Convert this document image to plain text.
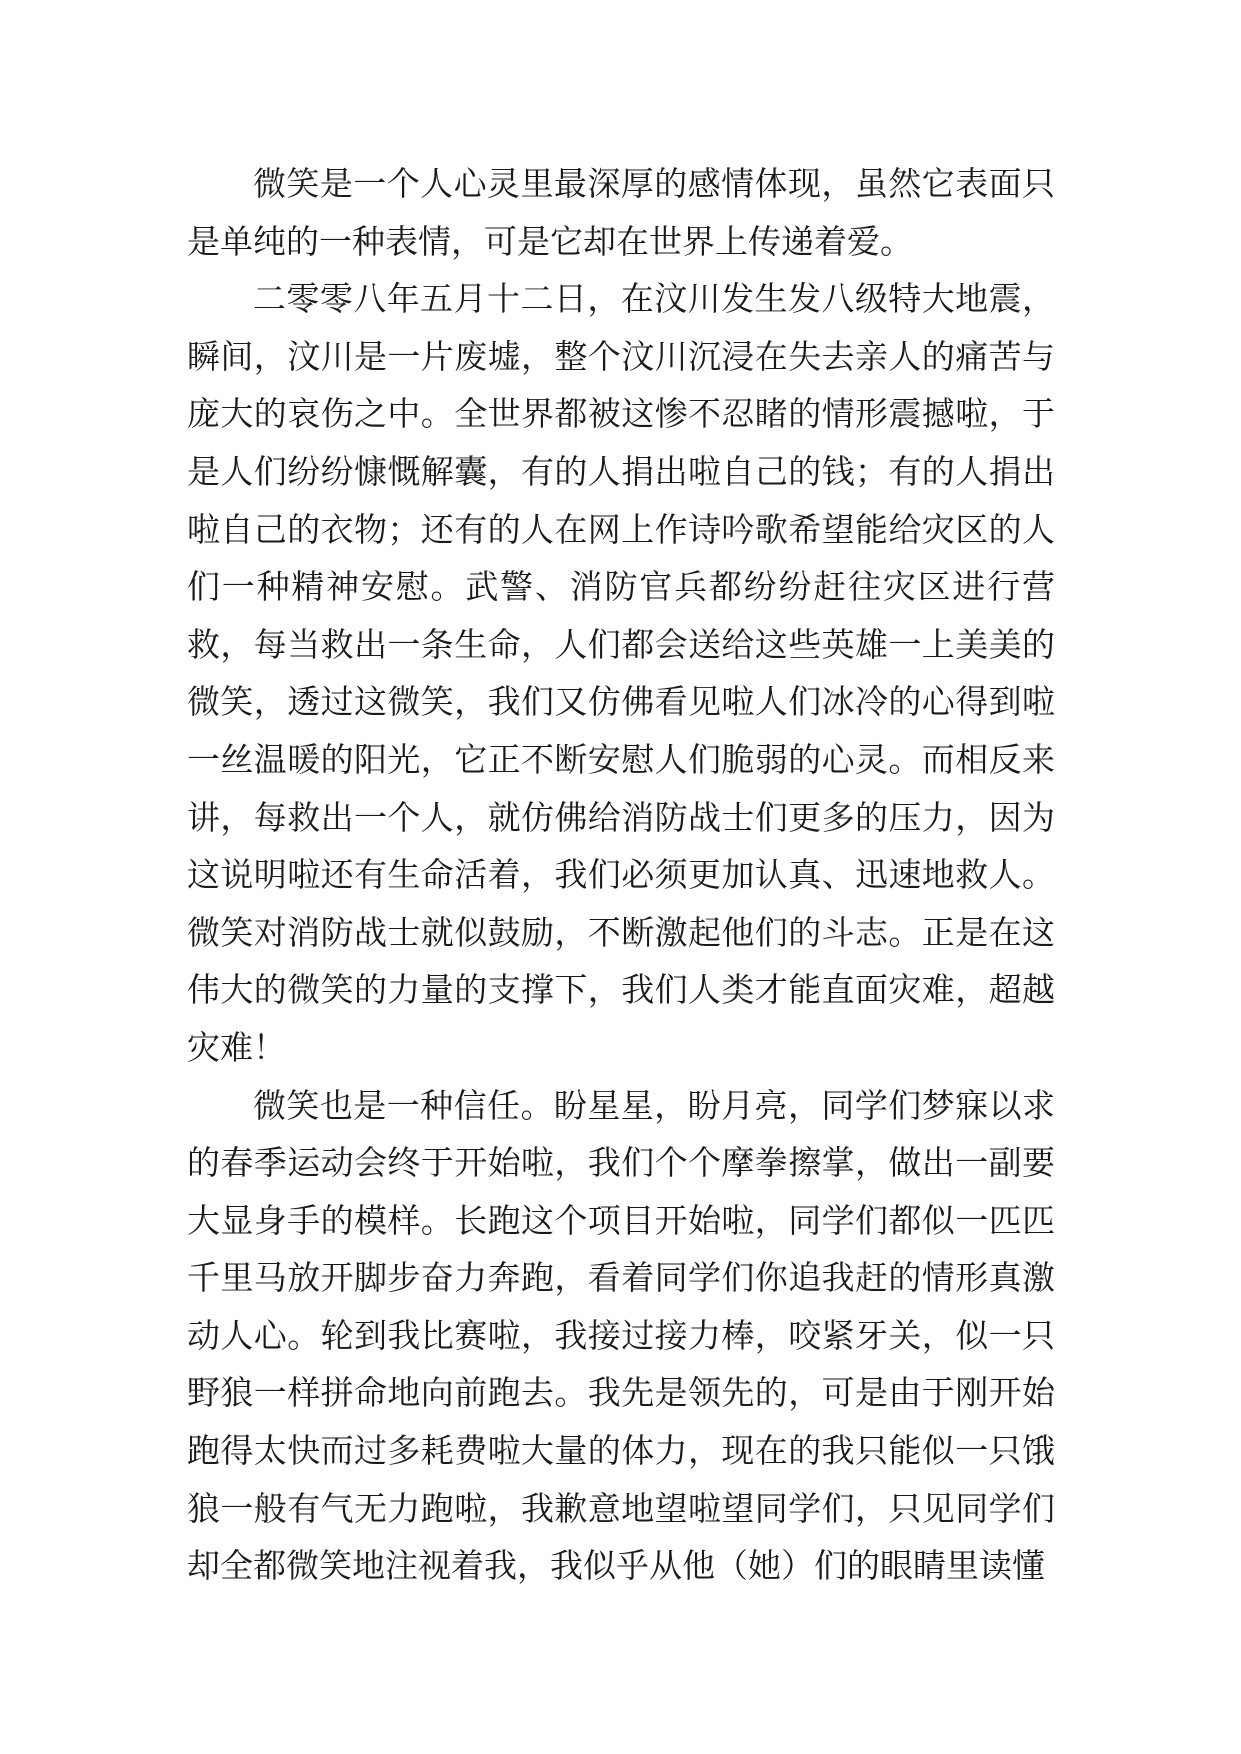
微笑是一个人心灵里最深厚的感情体现，虽然它表面只是单纯的一种表情，可是它却在世界上传递着爱。

二零零八年五月十二日，在汶川发生发八级特大地震，瞬间，汶川是一片废墟，整个汶川沉浸在失去亲人的痛苦与庞大的哀伤之中。全世界都被这惨不忍睹的情形震撼啦，于是人们纷纷慷慨解囊，有的人捐出啦自己的钱；有的人捐出啦自己的衣物；还有的人在网上作诗吟歌希望能给灾区的人们一种精神安慰。武警、消防官兵都纷纷赶往灾区进行营救，每当救出一条生命，人们都会送给这些英雄一上美美的微笑，透过这微笑，我们又仿佛看见啦人们冰冷的心得到啦一丝温暖的阳光，它正不断安慰人们脆弱的心灵。而相反来讲，每救出一个人，就仿佛给消防战士们更多的压力，因为这说明啦还有生命活着，我们必须更加认真、迅速地救人。微笑对消防战士就似鼓励，不断激起他们的斗志。正是在这伟大的微笑的力量的支撑下，我们人类才能直面灾难，超越灾难！

微笑也是一种信任。盼星星，盼月亮，同学们梦寐以求的春季运动会终于开始啦，我们个个摩拳擦掌，做出一副要大显身手的模样。长跑这个项目开始啦，同学们都似一匹匹千里马放开脚步奋力奔跑，看着同学们你追我赶的情形真激动人心。轮到我比赛啦，我接过接力棒，咬紧牙关，似一只野狼一样拼命地向前跑去。我先是领先的，可是由于刚开始跑得太快而过多耗费啦大量的体力，现在的我只能似一只饿狼一般有气无力跑啦，我歉意地望啦望同学们，只见同学们却全都微笑地注视着我，我似乎从他（她）们的眼睛里读懂
